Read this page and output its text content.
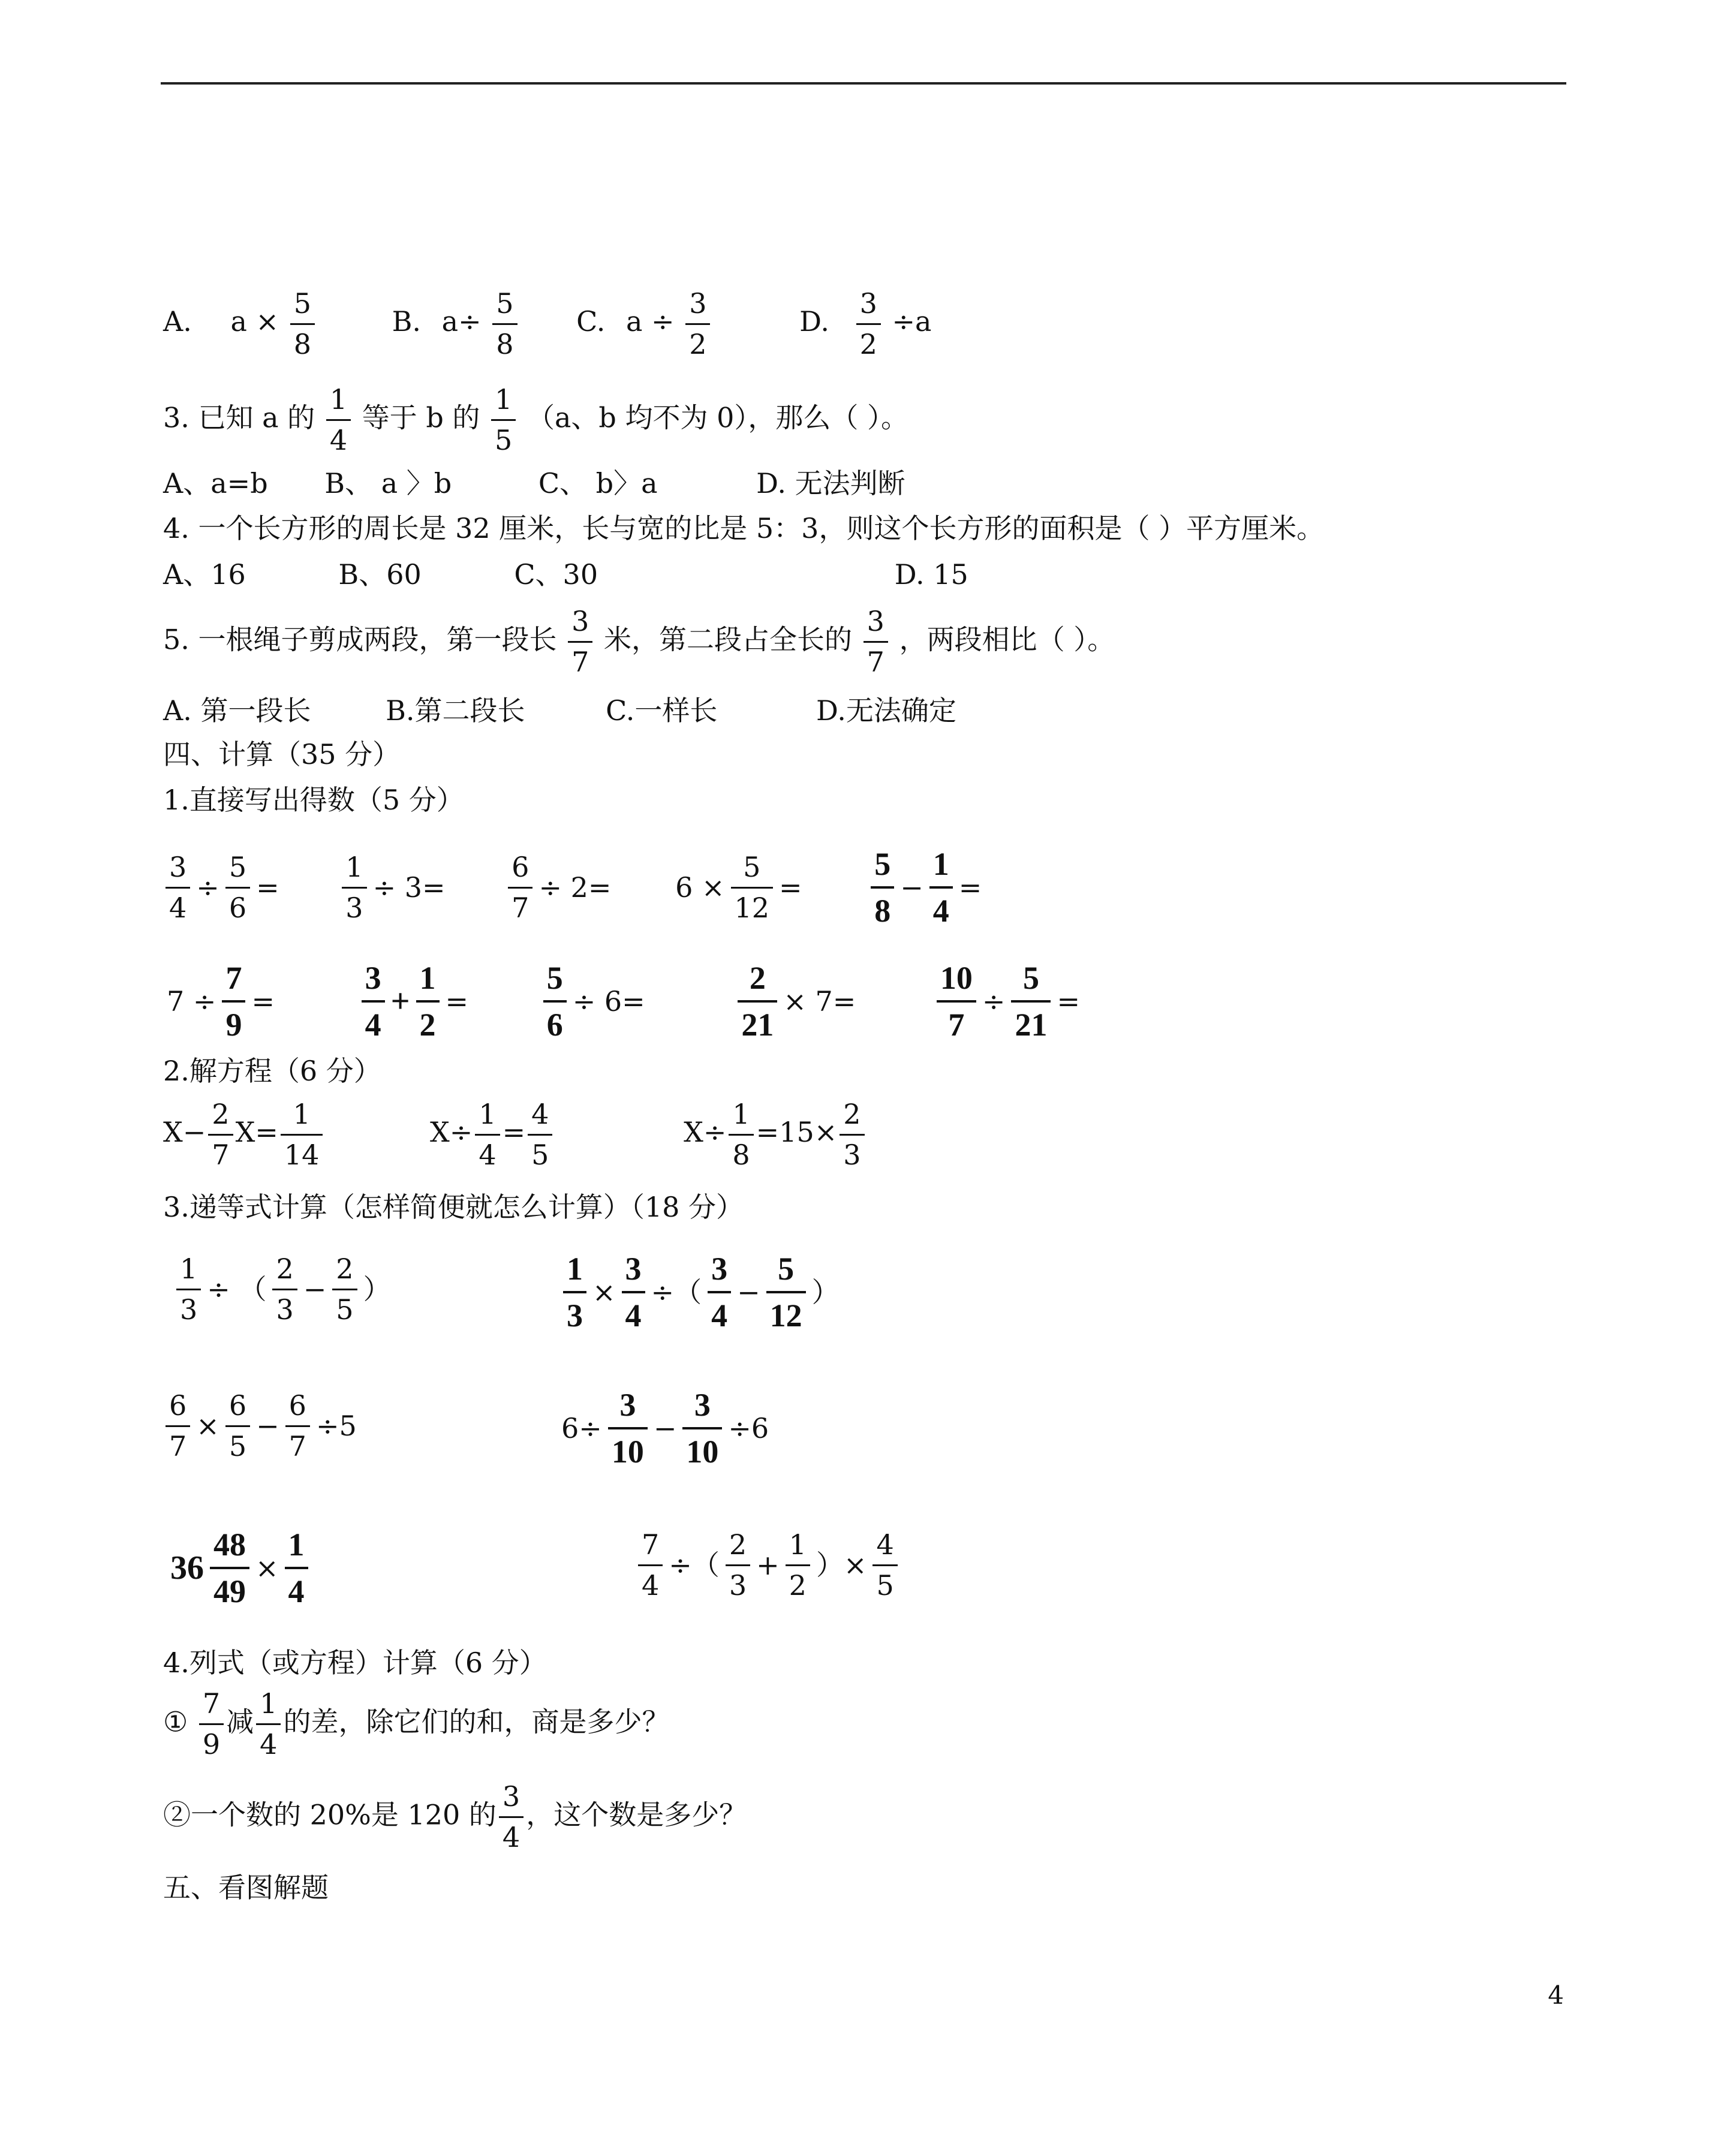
A. $a \times \frac{5}{8}$	B. $a\div \frac{5}{8} C$. $a \div \frac{3}{2}$	D. $\frac{3}{2} \div a$
3. 已知 a 的 $\frac{1}{4}$ 等于 b 的 $\frac{1}{5} (a$、b 均不为 0），那么（ ）。
A、a=b B、 a 〉b	C、 b〉a	D. 无法判断
4. 一个长方形的周长是 32 厘米，长与宽的比是 5：3，则这个长方形的面积是（ ）平方厘米。
A、16	B、60	C、30	D. 15
5. 一根绳子剪成两段，第一段长 $\frac{3}{7}$ 米，第二段占全长的 $\frac{3}{7}$ ，两段相比（ ）。
A. 第一段长	B.第二段长	C.一样长	D.无法确定
四、计算（35 分）
1.直接写出得数（5 分）
$\frac{3}{4} \div \frac{5}{6} = \frac{1}{3} \div 3= \frac{6}{7} \div 2= 6 \times \frac{5}{12} = \frac{5}{8} - \frac{1}{4}$ =
$7 \div \frac{7}{9}$ =	$\frac{3}{4} + \frac{1}{2} = \frac{5}{6} \div 6=$	$\frac{2}{21} \times 7= \frac{10}{7} \div \frac{5}{21}$ =
2.解方程（6 分）
$X- \frac{2}{7} X= \frac{1}{14}$	$X\div \frac{1}{4} = \frac{4}{5}$	$X\div \frac{1}{8} =15\times \frac{2}{3}$
3.递等式计算（怎样简便就怎么计算）（18 分）
$\frac{1}{3}$ ÷ （ $\frac{2}{3} - \frac{2}{5}$ ）	$\frac{1}{3} \times \frac{3}{4}$ ÷（ $\frac{3}{4} - \frac{5}{12}$ ）
$\frac{6}{7} \times \frac{6}{5} - \frac{6}{7} \div 5$	$6\div \frac{3}{10} - \frac{3}{10} \div 6$
$36 \frac{48}{49} \times \frac{1}{4}$	$\frac{7}{4}$ ÷（ $\frac{2}{3} + \frac{1}{2}$ ）× $\frac{4}{5}$
4.列式（或方程）计算（6 分）
① $\frac{7}{9}$ 减 $\frac{1}{4}$ 的差，除它们的和，商是多少？
②一个数的 20%是 120 的 $\frac{3}{4}$ ，这个数是多少？
五、看图解题
4
